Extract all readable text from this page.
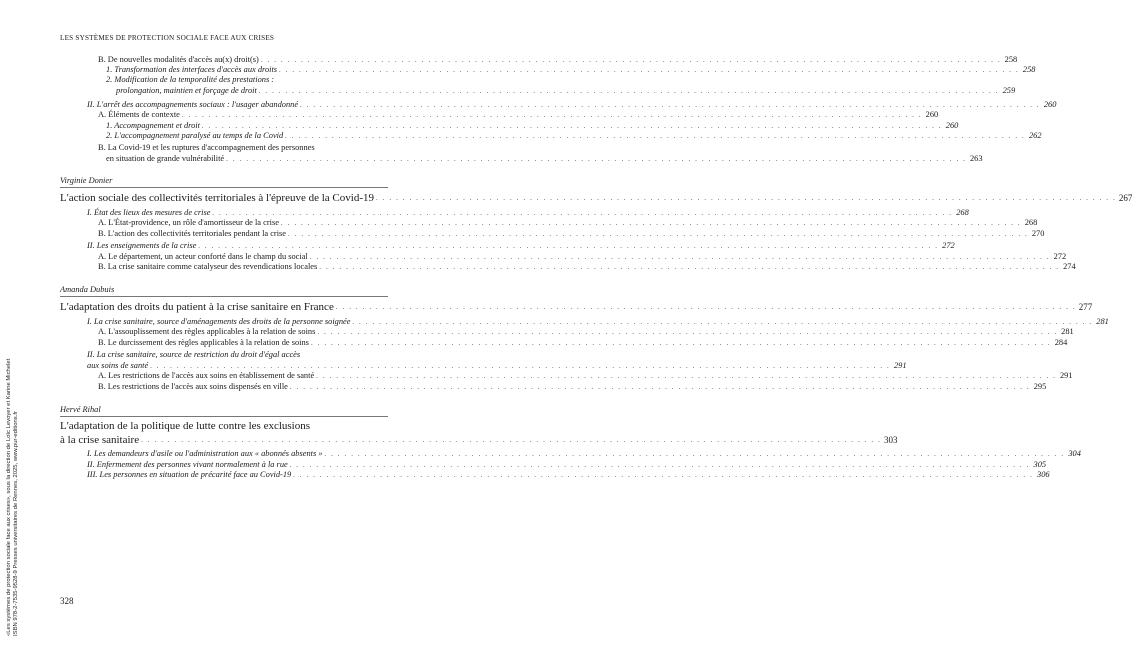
LES SYSTÈMES DE PROTECTION SOCIALE FACE AUX CRISES
B. De nouvelles modalités d'accès au(x) droit(s) . . .	258
1. Transformation des interfaces d'accès aux droits . . .	258
2. Modification de la temporalité des prestations :
prolongation, maintien et forçage de droit . . .	259
II. L'arrêt des accompagnements sociaux : l'usager abandonné . . .	260
A. Éléments de contexte . . .	260
1. Accompagnement et droit . . .	260
2. L'accompagnement paralysé au temps de la Covid . . .	262
B. La Covid-19 et les ruptures d'accompagnement des personnes
en situation de grande vulnérabilité . . .	263
Virginie Donier
L'action sociale des collectivités territoriales à l'épreuve de la Covid-19 . . .	267
I. État des lieux des mesures de crise . . .	268
A. L'État-providence, un rôle d'amortisseur de la crise . . .	268
B. L'action des collectivités territoriales pendant la crise . . .	270
II. Les enseignements de la crise . . .	272
A. Le département, un acteur conforté dans le champ du social . . .	272
B. La crise sanitaire comme catalyseur des revendications locales . . .	274
Amanda Dubuis
L'adaptation des droits du patient à la crise sanitaire en France . . .	277
I. La crise sanitaire, source d'aménagements des droits de la personne soignée . . .	281
A. L'assouplissement des règles applicables à la relation de soins . . .	281
B. Le durcissement des règles applicables à la relation de soins . . .	284
II. La crise sanitaire, source de restriction du droit d'égal accès
aux soins de santé . . .	291
A. Les restrictions de l'accès aux soins en établissement de santé . . .	291
B. Les restrictions de l'accès aux soins dispensés en ville . . .	295
Hervé Rihal
L'adaptation de la politique de lutte contre les exclusions
à la crise sanitaire . . .	303
I. Les demandeurs d'asile ou l'administration aux « abonnés absents » . . .	304
II. Enfermement des personnes vivant normalement à la rue . . .	305
III. Les personnes en situation de précarité face au Covid-19 . . .	306
328
«Les systèmes de protection sociale face aux crises», sous la direction de Loïc Levoyer et Karine Michelet ISBN 978-2-7535-9528-9 Presses universitaires de Rennes, 2025, www.pur-editions.fr
